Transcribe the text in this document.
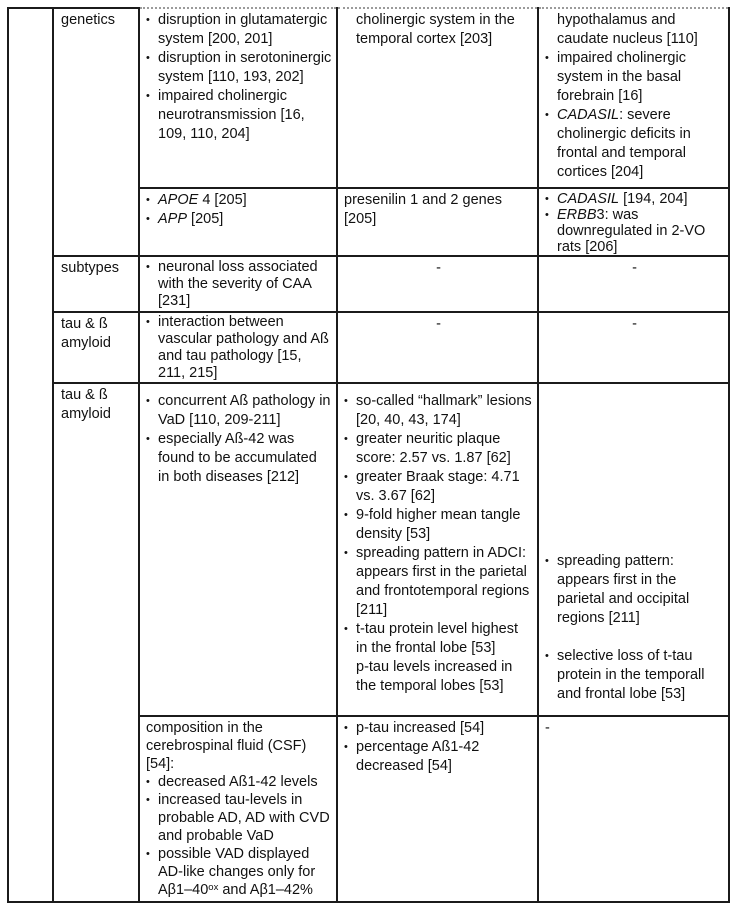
genetics
subtypes
tau & ß amyloid
tau & ß amyloid
• disruption in glutamatergic system [200, 201]
• disruption in serotoninergic system [110, 193, 202]
• impaired cholinergic neurotransmission [16, 109, 110, 204]
cholinergic system in the temporal cortex [203]
hypothalamus and caudate nucleus [110]
• impaired cholinergic system in the basal forebrain [16]
• CADASIL: severe cholinergic deficits in frontal and temporal cortices [204]
• APOE 4 [205]
• APP [205]
presenilin 1 and 2 genes [205]
• CADASIL [194, 204]
• ERBB3: was downregulated in 2-VO rats [206]
• neuronal loss associated with the severity of CAA [231]
-	-
• interaction between vascular pathology and Aß and tau pathology [15, 211, 215]
-	-
• concurrent Aß pathology in VaD [110, 209-211]
• especially Aß-42 was found to be accumulated in both diseases [212]
• so-called “hallmark” lesions [20, 40, 43, 174]
• greater neuritic plaque score: 2.57 vs. 1.87 [62]
• greater Braak stage: 4.71 vs. 3.67 [62]
• 9-fold higher mean tangle density [53]
• spreading pattern in ADCI: appears first in the parietal and frontotemporal regions [211]
• t-tau protein level highest in the frontal lobe [53]
p-tau levels increased in the temporal lobes [53]
• spreading pattern: appears first in the parietal and occipital regions [211]
• selective loss of t-tau protein in the temporall and frontal lobe [53]
composition in the cerebrospinal fluid (CSF) [54]:
• decreased Aß1-42 levels
• increased tau-levels in probable AD, AD with CVD and probable VaD
• possible VAD displayed AD-like changes only for $A\beta 1-40^{ox}$ and Aβ1–42%
• p-tau increased [54]
• percentage Aß1-42 decreased [54]
-
